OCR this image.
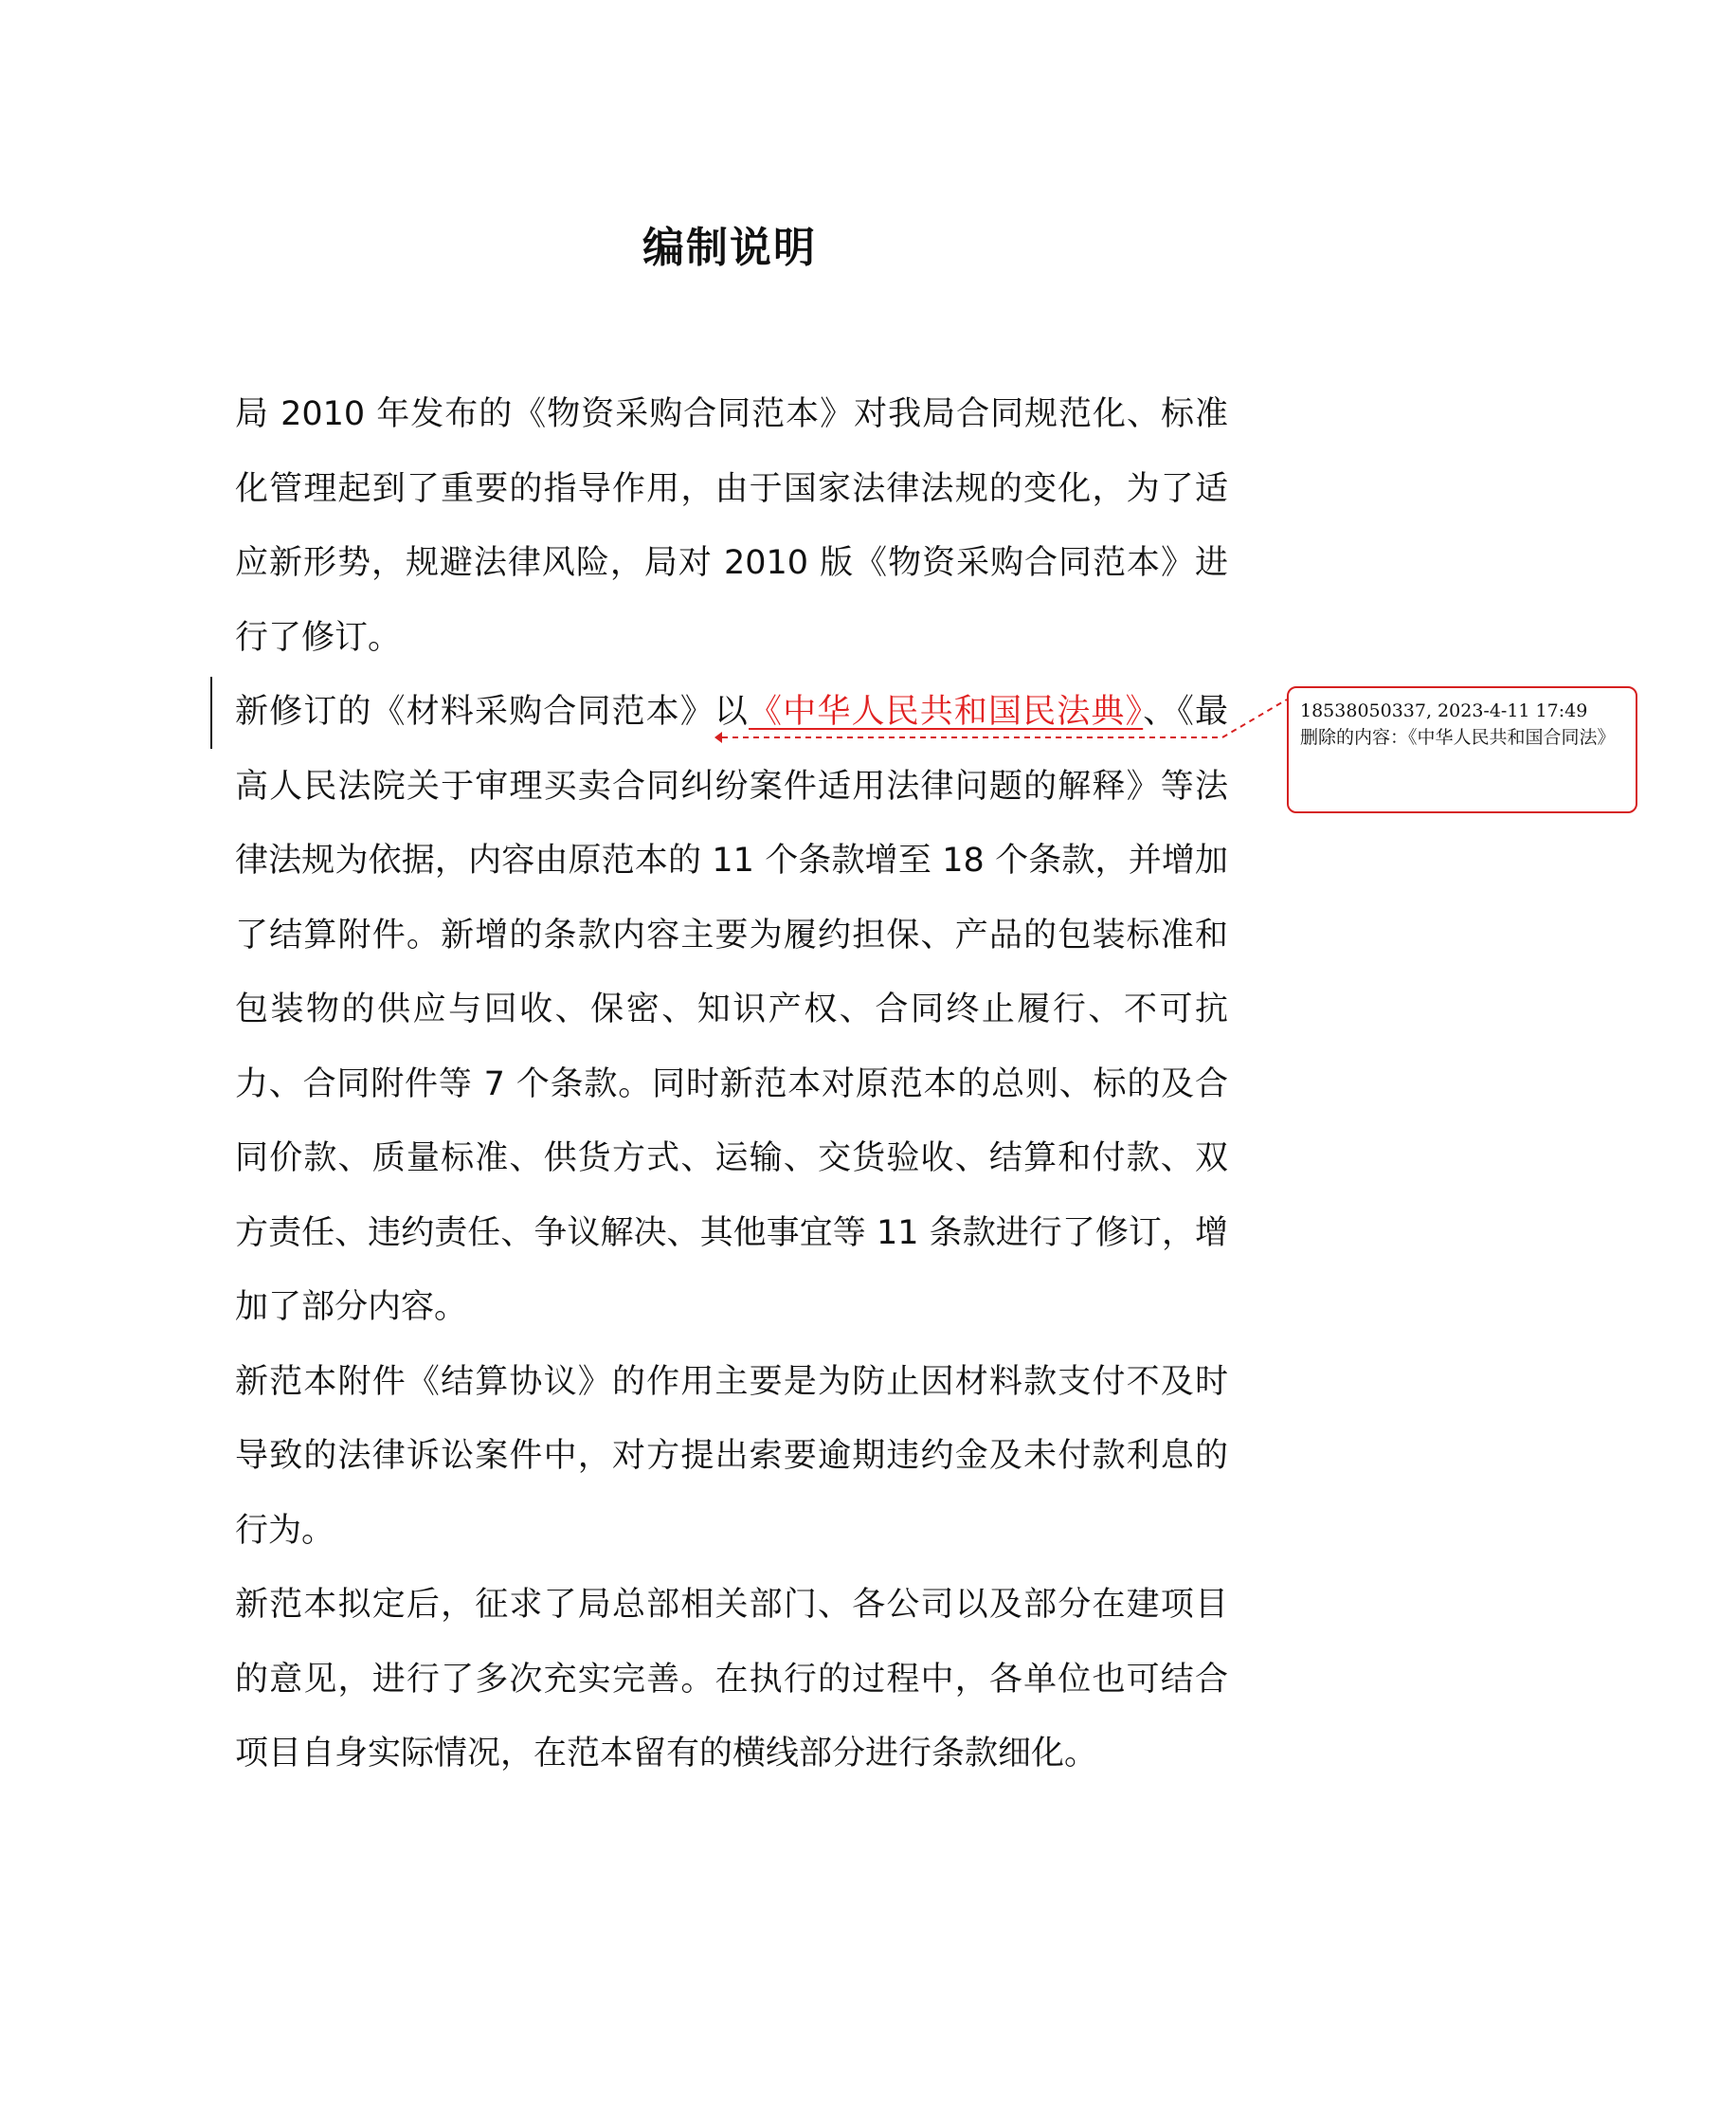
编制说明

局 2010 年发布的《物资采购合同范本》对我局合同规范化、标准化管理起到了重要的指导作用，由于国家法律法规的变化，为了适应新形势，规避法律风险，局对 2010 版《物资采购合同范本》进行了修订。

新修订的《材料采购合同范本》以《中华人民共和国民法典》、《最高人民法院关于审理买卖合同纠纷案件适用法律问题的解释》等法律法规为依据，内容由原范本的 11 个条款增至 18 个条款，并增加了结算附件。新增的条款内容主要为履约担保、产品的包装标准和包装物的供应与回收、保密、知识产权、合同终止履行、不可抗力、合同附件等 7 个条款。同时新范本对原范本的总则、标的及合同价款、质量标准、供货方式、运输、交货验收、结算和付款、双方责任、违约责任、争议解决、其他事宜等 11 条款进行了修订，增加了部分内容。

新范本附件《结算协议》的作用主要是为防止因材料款支付不及时导致的法律诉讼案件中，对方提出索要逾期违约金及未付款利息的行为。

新范本拟定后，征求了局总部相关部门、各公司以及部分在建项目的意见，进行了多次充实完善。在执行的过程中，各单位也可结合项目自身实际情况，在范本留有的横线部分进行条款细化。

18538050337, 2023-4-11 17:49
删除的内容：《中华人民共和国合同法》
